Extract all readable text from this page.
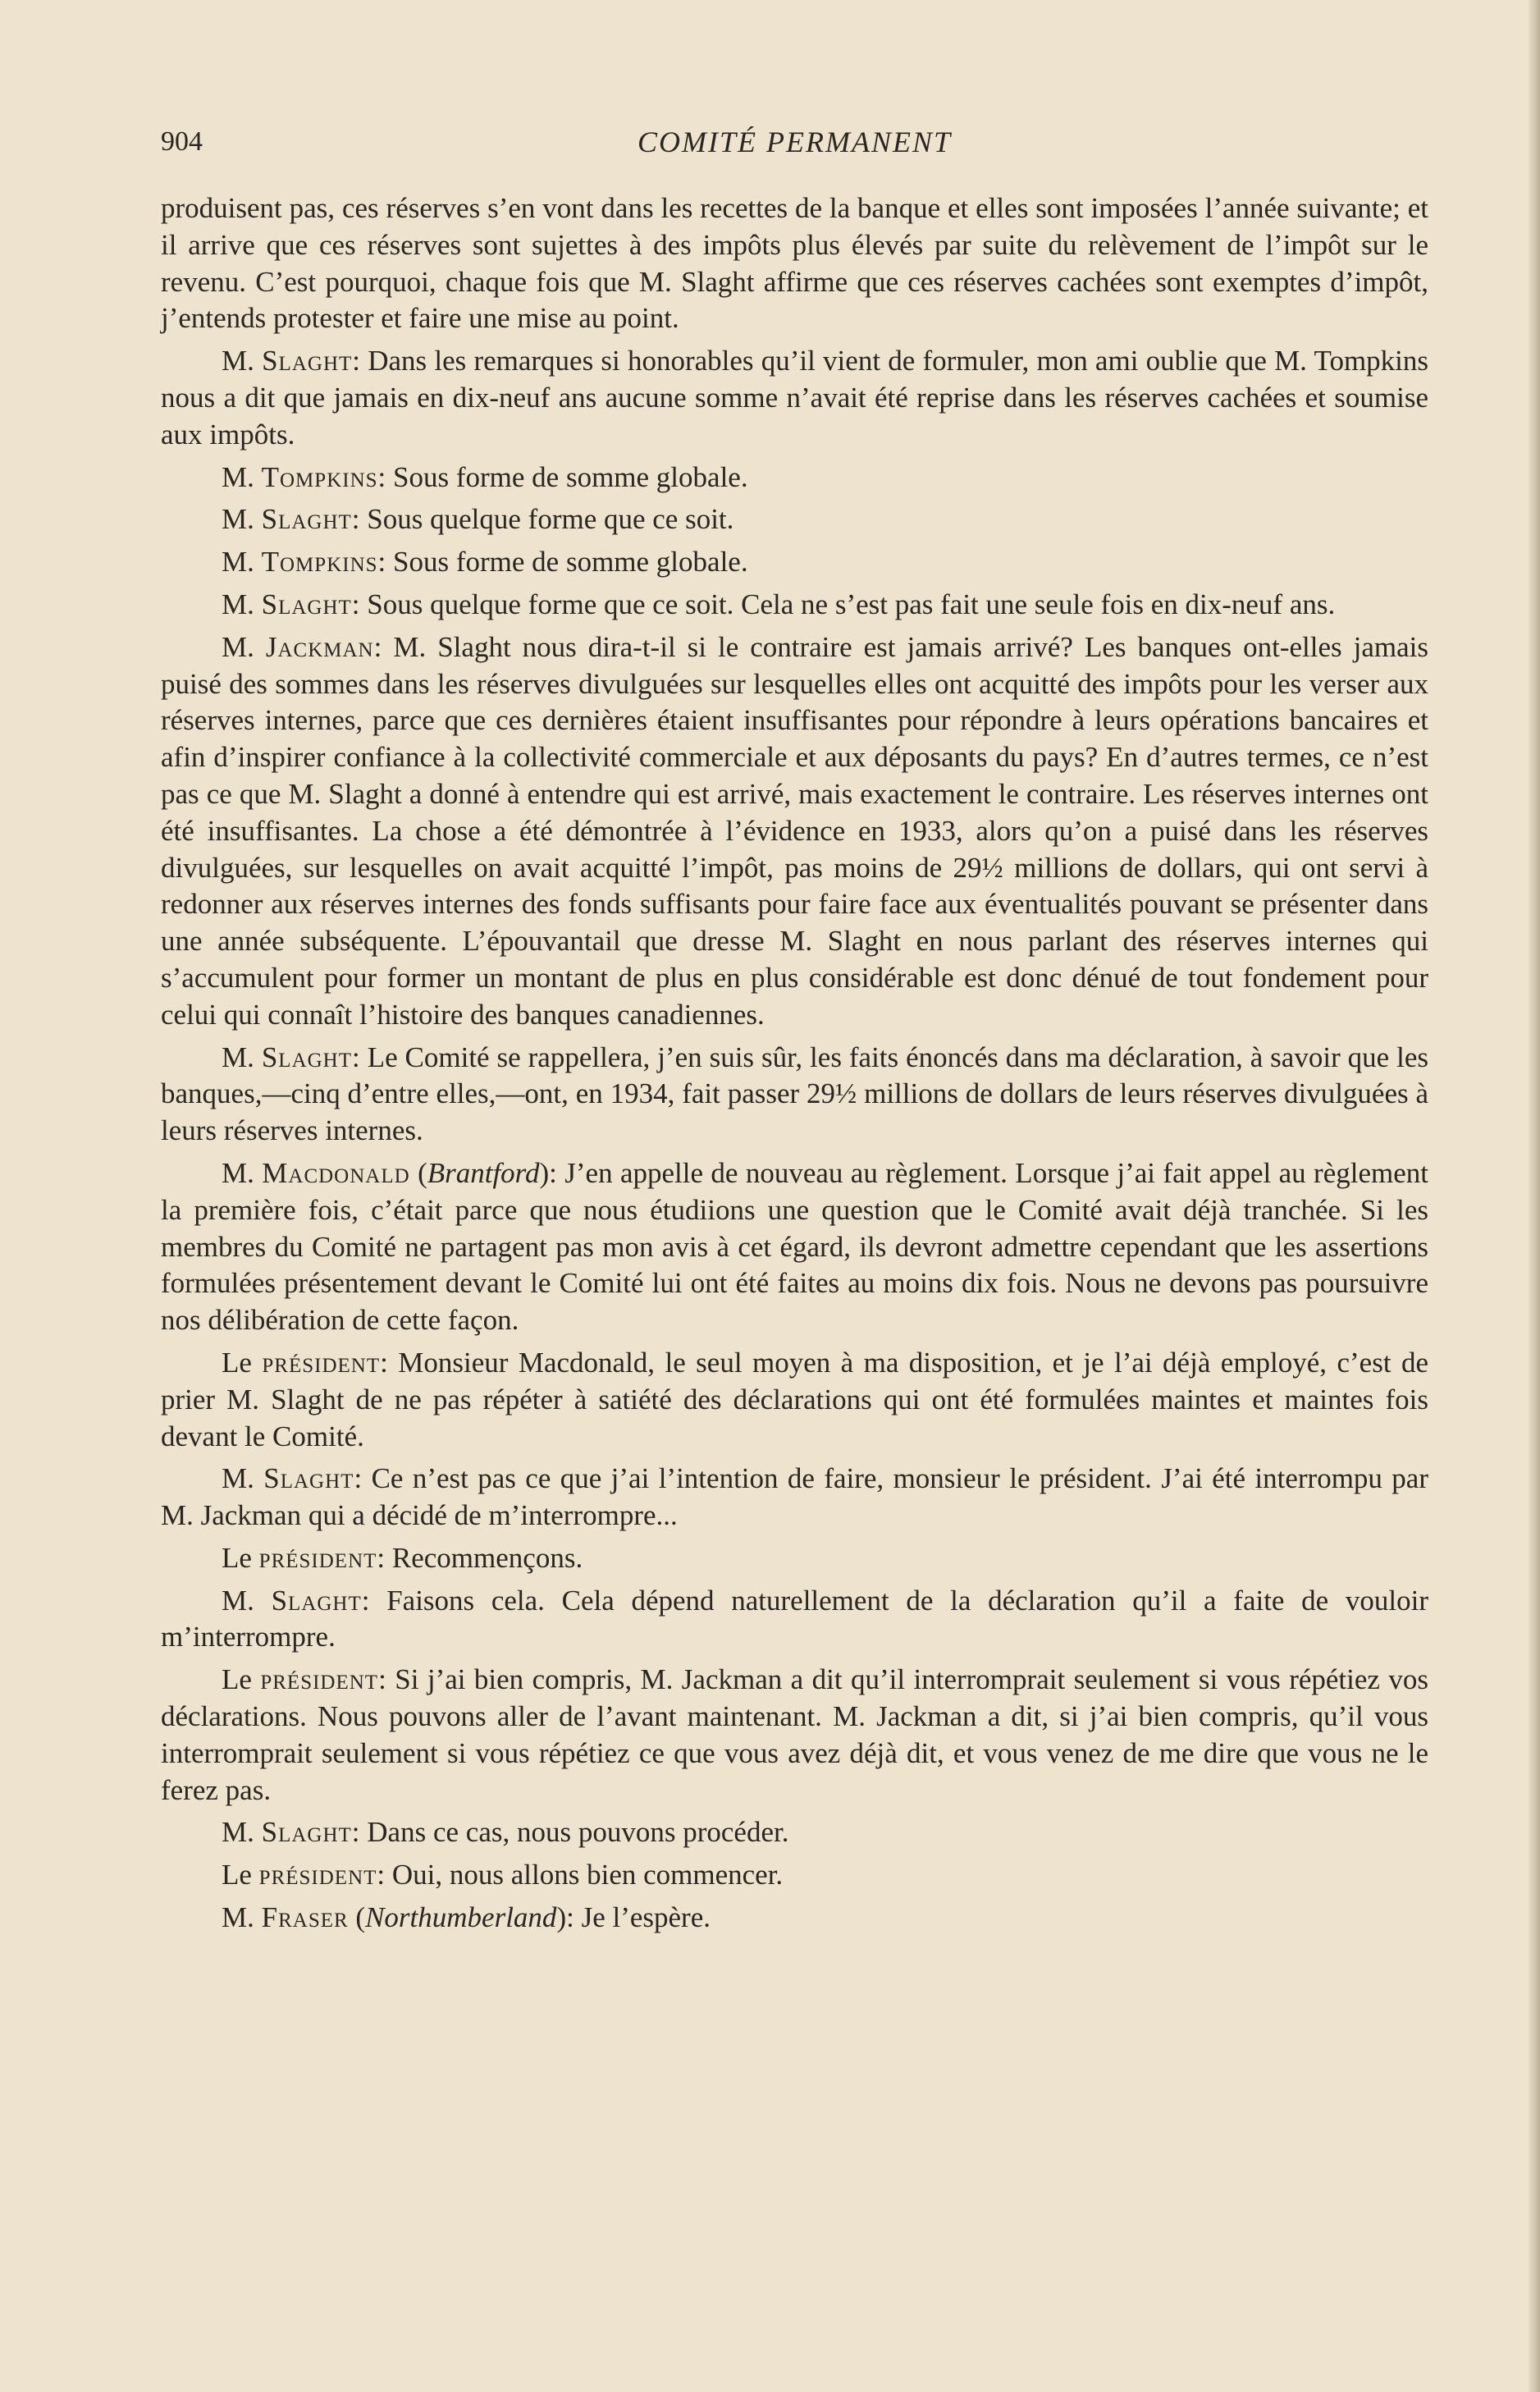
904	COMITÉ PERMANENT

produisent pas, ces réserves s’en vont dans les recettes de la banque et elles sont imposées l’année suivante; et il arrive que ces réserves sont sujettes à des impôts plus élevés par suite du relèvement de l’impôt sur le revenu. C’est pourquoi, chaque fois que M. Slaght affirme que ces réserves cachées sont exemptes d’impôt, j’entends protester et faire une mise au point.

M. Slaght: Dans les remarques si honorables qu’il vient de formuler, mon ami oublie que M. Tompkins nous a dit que jamais en dix-neuf ans aucune somme n’avait été reprise dans les réserves cachées et soumise aux impôts.

M. Tompkins: Sous forme de somme globale.

M. Slaght: Sous quelque forme que ce soit.

M. Tompkins: Sous forme de somme globale.

M. Slaght: Sous quelque forme que ce soit. Cela ne s’est pas fait une seule fois en dix-neuf ans.

M. Jackman: M. Slaght nous dira-t-il si le contraire est jamais arrivé? Les banques ont-elles jamais puisé des sommes dans les réserves divulguées sur lesquelles elles ont acquitté des impôts pour les verser aux réserves internes, parce que ces dernières étaient insuffisantes pour répondre à leurs opérations bancaires et afin d’inspirer confiance à la collectivité commerciale et aux déposants du pays? En d’autres termes, ce n’est pas ce que M. Slaght a donné à entendre qui est arrivé, mais exactement le contraire. Les réserves internes ont été insuffisantes. La chose a été démontrée à l’évidence en 1933, alors qu’on a puisé dans les réserves divulguées, sur lesquelles on avait acquitté l’impôt, pas moins de 29½ millions de dollars, qui ont servi à redonner aux réserves internes des fonds suffisants pour faire face aux éventualités pouvant se présenter dans une année subséquente. L’épouvantail que dresse M. Slaght en nous parlant des réserves internes qui s’accumulent pour former un montant de plus en plus considérable est donc dénué de tout fondement pour celui qui connaît l’histoire des banques canadiennes.

M. Slaght: Le Comité se rappellera, j’en suis sûr, les faits énoncés dans ma déclaration, à savoir que les banques,—cinq d’entre elles,—ont, en 1934, fait passer 29½ millions de dollars de leurs réserves divulguées à leurs réserves internes.

M. Macdonald (Brantford): J’en appelle de nouveau au règlement. Lorsque j’ai fait appel au règlement la première fois, c’était parce que nous étudiions une question que le Comité avait déjà tranchée. Si les membres du Comité ne partagent pas mon avis à cet égard, ils devront admettre cependant que les assertions formulées présentement devant le Comité lui ont été faites au moins dix fois. Nous ne devons pas poursuivre nos délibération de cette façon.

Le président: Monsieur Macdonald, le seul moyen à ma disposition, et je l’ai déjà employé, c’est de prier M. Slaght de ne pas répéter à satiété des déclarations qui ont été formulées maintes et maintes fois devant le Comité.

M. Slaght: Ce n’est pas ce que j’ai l’intention de faire, monsieur le président. J’ai été interrompu par M. Jackman qui a décidé de m’interrompre...

Le président: Recommençons.

M. Slaght: Faisons cela. Cela dépend naturellement de la déclaration qu’il a faite de vouloir m’interrompre.

Le président: Si j’ai bien compris, M. Jackman a dit qu’il interromprait seulement si vous répétiez vos déclarations. Nous pouvons aller de l’avant maintenant. M. Jackman a dit, si j’ai bien compris, qu’il vous interromprait seulement si vous répétiez ce que vous avez déjà dit, et vous venez de me dire que vous ne le ferez pas.

M. Slaght: Dans ce cas, nous pouvons procéder.

Le président: Oui, nous allons bien commencer.

M. Fraser (Northumberland): Je l’espère.
